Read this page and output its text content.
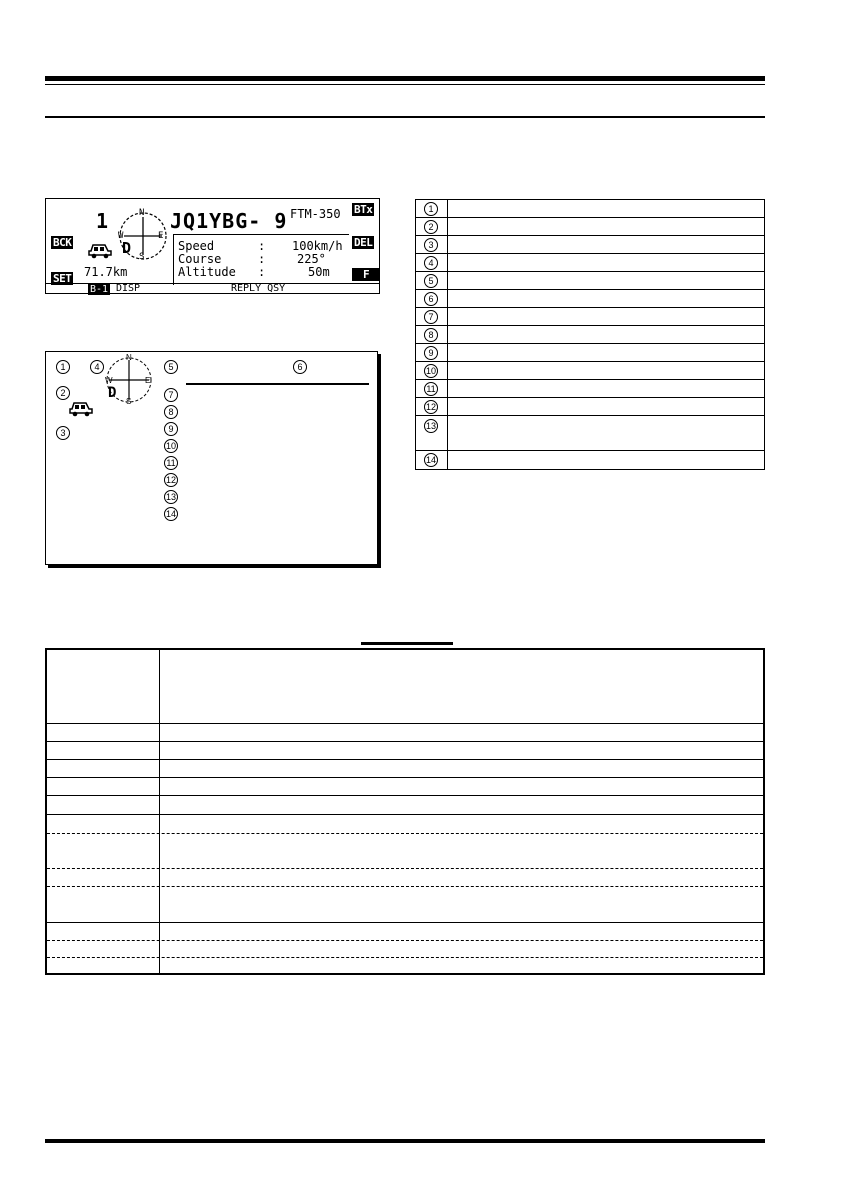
BCK
SET
BTx
DEL
F
1	N
S
E
W
D
71.7km
JQ1YBG- 9 FTM-350
Speed	: 100km/h
Course	:	225°
Altitude :	50m
B-1 DISP	REPLY QSY
1
2
3
4
N
S
E
W
D
5	6
7
8
9
10
11
12
13
14
1
2
3
4
5
6
7
8
9
10
11
12
13
14
